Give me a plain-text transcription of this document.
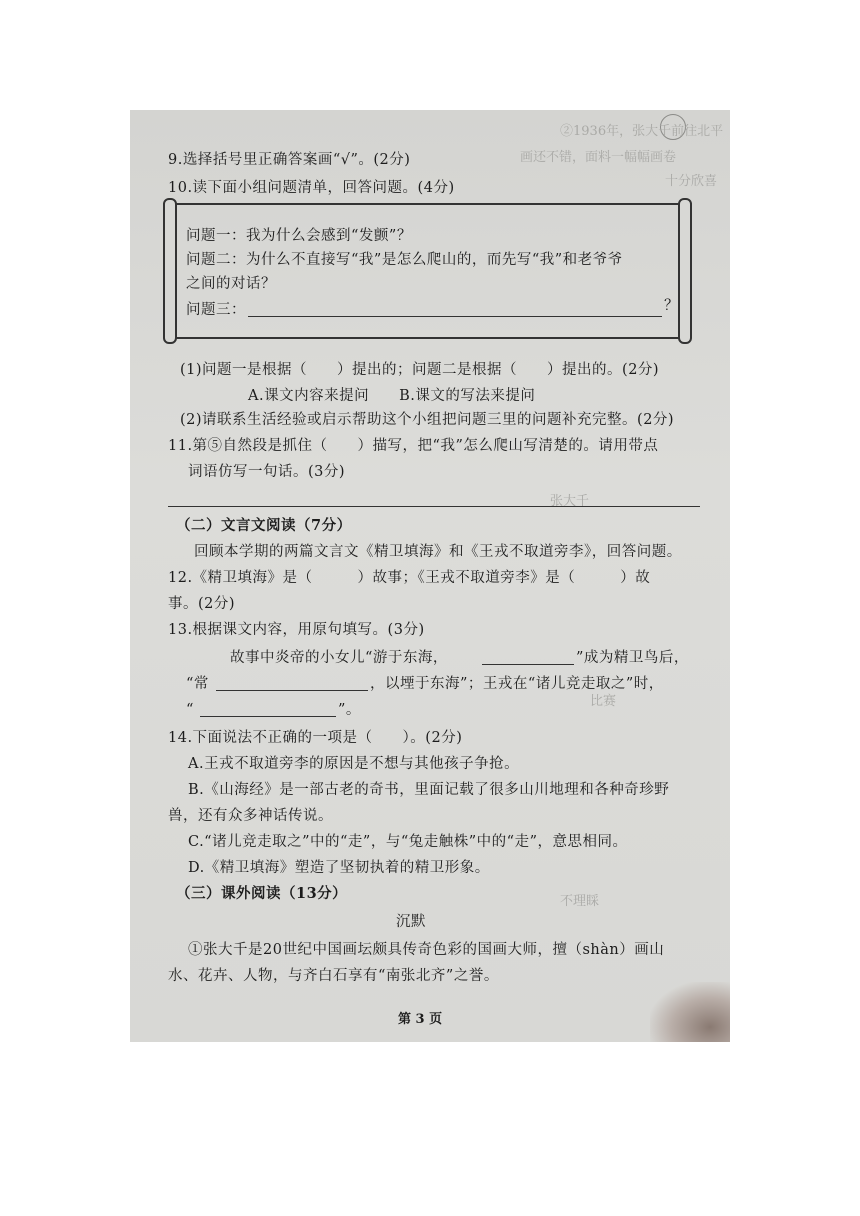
②1936年，张大千前往北平
画还不错，面料一幅幅画卷
十分欣喜
张大千
比赛
不理睬
9.选择括号里正确答案画“√”。(2分)
10.读下面小组问题清单，回答问题。(4分)
问题一：我为什么会感到“发颤”？
问题二：为什么不直接写“我”是怎么爬山的，而先写“我”和老爷爷
之间的对话？
问题三：	？
(1)问题一是根据（　　）提出的；问题二是根据（　　）提出的。(2分)
A.课文内容来提问　　B.课文的写法来提问
(2)请联系生活经验或启示帮助这个小组把问题三里的问题补充完整。(2分)
11.第⑤自然段是抓住（　　）描写，把“我”怎么爬山写清楚的。请用带点
词语仿写一句话。(3分)
（二）文言文阅读（7分）
回顾本学期的两篇文言文《精卫填海》和《王戎不取道旁李》，回答问题。
12.《精卫填海》是（　　　）故事；《王戎不取道旁李》是（　　　）故
事。(2分)
13.根据课文内容，用原句填写。(3分)
故事中炎帝的小女儿“游于东海，	”成为精卫鸟后，
“常	，以堙于东海”；王戎在“诸儿竞走取之”时，
“	”。
14.下面说法不正确的一项是（　　）。(2分)
A.王戎不取道旁李的原因是不想与其他孩子争抢。
B.《山海经》是一部古老的奇书，里面记载了很多山川地理和各种奇珍野
兽，还有众多神话传说。
C.“诸儿竞走取之”中的“走”，与“兔走触株”中的“走”，意思相同。
D.《精卫填海》塑造了坚韧执着的精卫形象。
（三）课外阅读（13分）
沉默
①张大千是20世纪中国画坛颇具传奇色彩的国画大师，擅（shàn）画山
水、花卉、人物，与齐白石享有“南张北齐”之誉。
第 3 页
